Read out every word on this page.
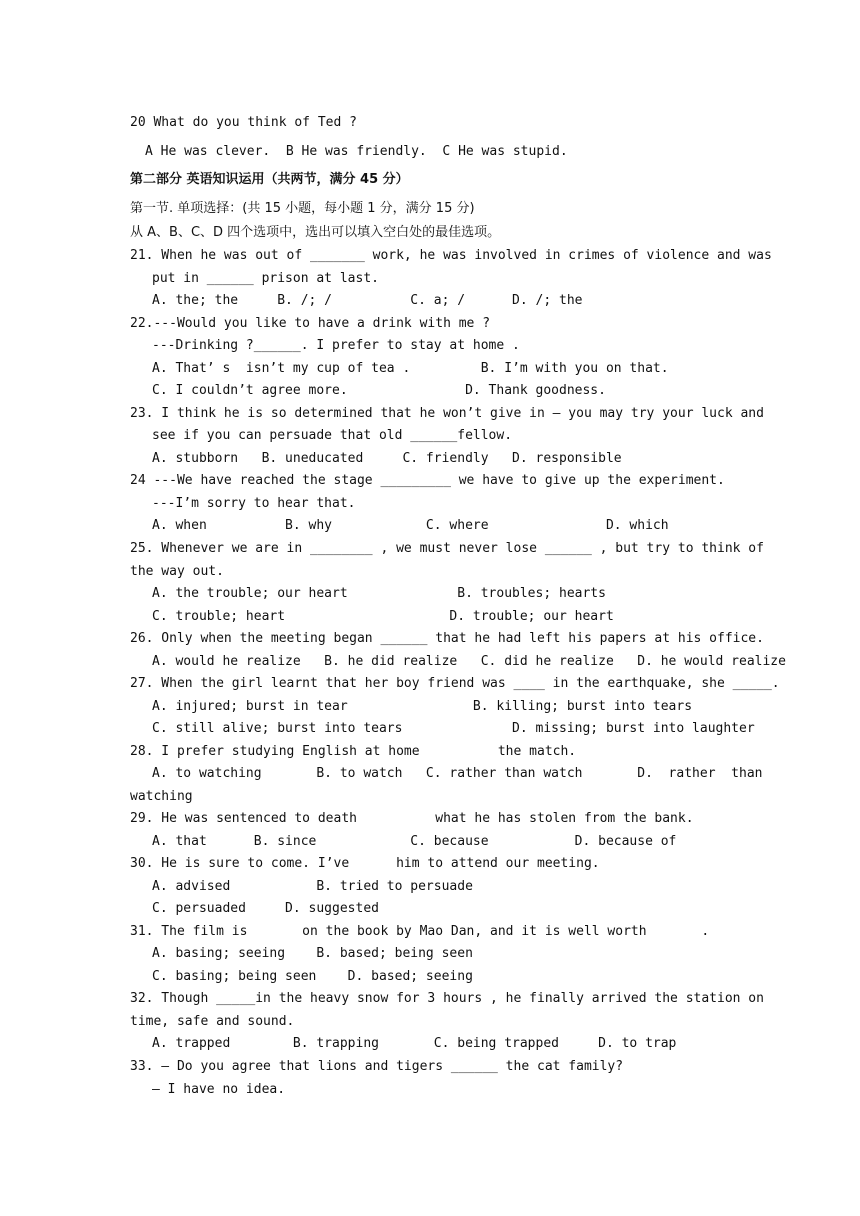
20 What do you think of Ted ?
A He was clever.  B He was friendly.  C He was stupid.
第二部分 英语知识运用（共两节，满分 45 分）
第一节. 单项选择：(共 15 小题，每小题 1 分，满分 15 分)
从 A、B、C、D 四个选项中，选出可以填入空白处的最佳选项。
21. When he was out of _______ work, he was involved in crimes of violence and was
put in ______ prison at last.
A. the; the     B. /; /          C. a; /      D. /; the
22.---Would you like to have a drink with me ?
---Drinking ?______. I prefer to stay at home .
A. That’ s  isn’t my cup of tea .         B. I’m with you on that.
C. I couldn’t agree more.               D. Thank goodness.
23. I think he is so determined that he won’t give in — you may try your luck and
see if you can persuade that old ______fellow.
A. stubborn   B. uneducated     C. friendly   D. responsible
24 ---We have reached the stage _________ we have to give up the experiment.
---I’m sorry to hear that.
A. when          B. why            C. where               D. which
25. Whenever we are in ________ , we must never lose ______ , but try to think of
the way out.
A. the trouble; our heart              B. troubles; hearts
C. trouble; heart                     D. trouble; our heart
26. Only when the meeting began ______ that he had left his papers at his office.
A. would he realize   B. he did realize   C. did he realize   D. he would realize
27. When the girl learnt that her boy friend was ____ in the earthquake, she _____.
A. injured; burst in tear                B. killing; burst into tears
C. still alive; burst into tears              D. missing; burst into laughter
28. I prefer studying English at home          the match.
A. to watching       B. to watch   C. rather than watch       D.  rather  than
watching
29. He was sentenced to death          what he has stolen from the bank.
A. that      B. since            C. because           D. because of
30. He is sure to come. I’ve      him to attend our meeting.
A. advised           B. tried to persuade
C. persuaded     D. suggested
31. The film is       on the book by Mao Dan, and it is well worth       .
A. basing; seeing    B. based; being seen
C. basing; being seen    D. based; seeing
32. Though _____in the heavy snow for 3 hours , he finally arrived the station on
time, safe and sound.
A. trapped        B. trapping       C. being trapped     D. to trap
33. — Do you agree that lions and tigers ______ the cat family?
— I have no idea.
